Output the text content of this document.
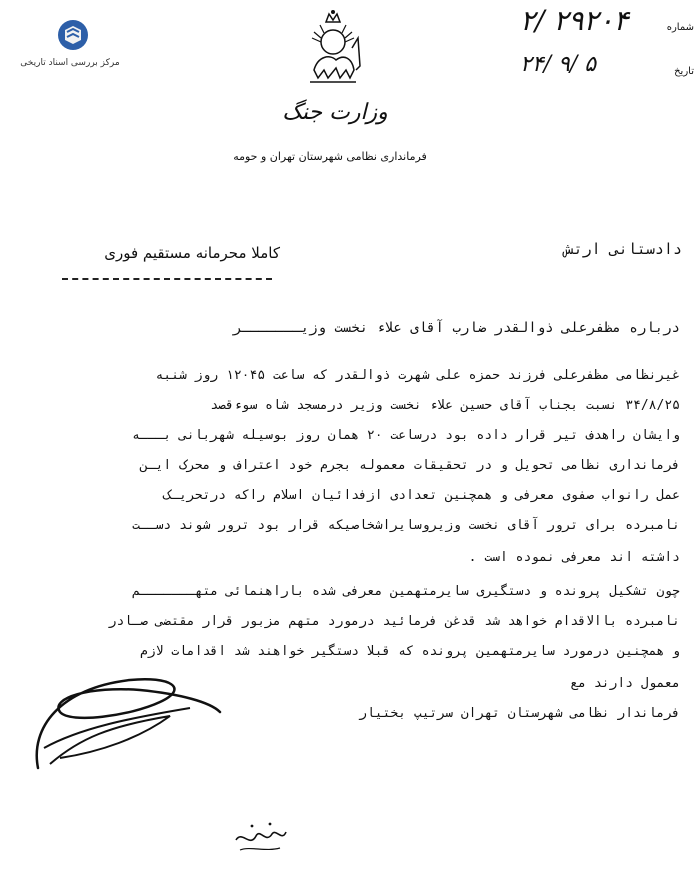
مرکز بررسی اسناد تاریخی
وزارت جنگ
فرمانداری نظامی شهرستان تهران و حومه
۲/ ۲۹۲۰۴	شماره
۲۴/ ۹/ ۵	تاریخ
دادستانی ارتش
کاملا محرمانه مستقیم فوری
درباره مظفرعلی ذوالقدر ضارب آقای علاء نخست وزیـــــــر
غیرنظامی مظفرعلی فرزند حمزه علی شهرت ذوالقدر که ساعت ۱۲۰۴۵ روز شنبه
۳۴/۸/۲۵ نسبت بجناب آقای حسین علاء نخست وزیر درمسجد شاه سوءقصد
وایشان راهدف تیر قرار داده بود درساعت ۲۰ همان روز بوسیله شهربانی بـــه
فرمانداری نظامی تحویل و در تحقیقات معموله بجرم خود اعتراف و محرک ایـن
عمل رانواب صفوی معرفی و همچنین تعدادی ازفدائیان اسلام راکه درتحریـک
نامبرده برای ترور آقای نخست وزیروسایراشخاصیکه قرار بود ترور شوند دســت
داشته اند معرفی نموده است .
چون تشکیل پرونده و دستگیری سایرمتهمین معرفی شده باراهنمائی متهـــــــم
نامبرده باالاقدام خواهد شد قدغن فرمائید درمورد متهم مزبور قرار مقتضی صـادر
و همچنین درمورد سایرمتهمین پرونده که قبلا دستگیر خواهند شد اقدامات لازم
معمول دارند مع
فرماندار نظامی شهرستان تهران سرتیپ بختیار
